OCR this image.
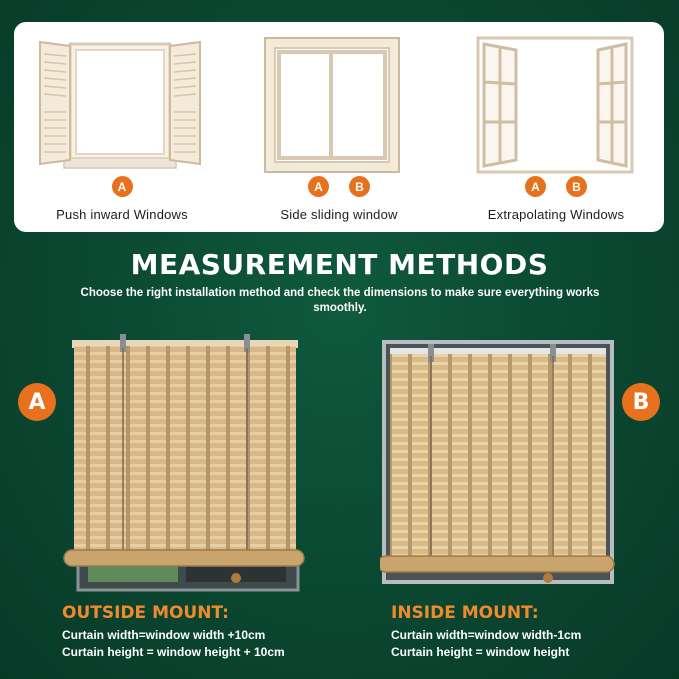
A
Push inward Windows
A	B
Side sliding window
A	B
Extrapolating Windows
MEASUREMENT METHODS
Choose the right installation method and check the dimensions to make sure everything works smoothly.
A	B
OUTSIDE MOUNT:
Curtain width=window width +10cm
Curtain height = window height + 10cm
INSIDE MOUNT:
Curtain width=window width-1cm
Curtain height = window height
